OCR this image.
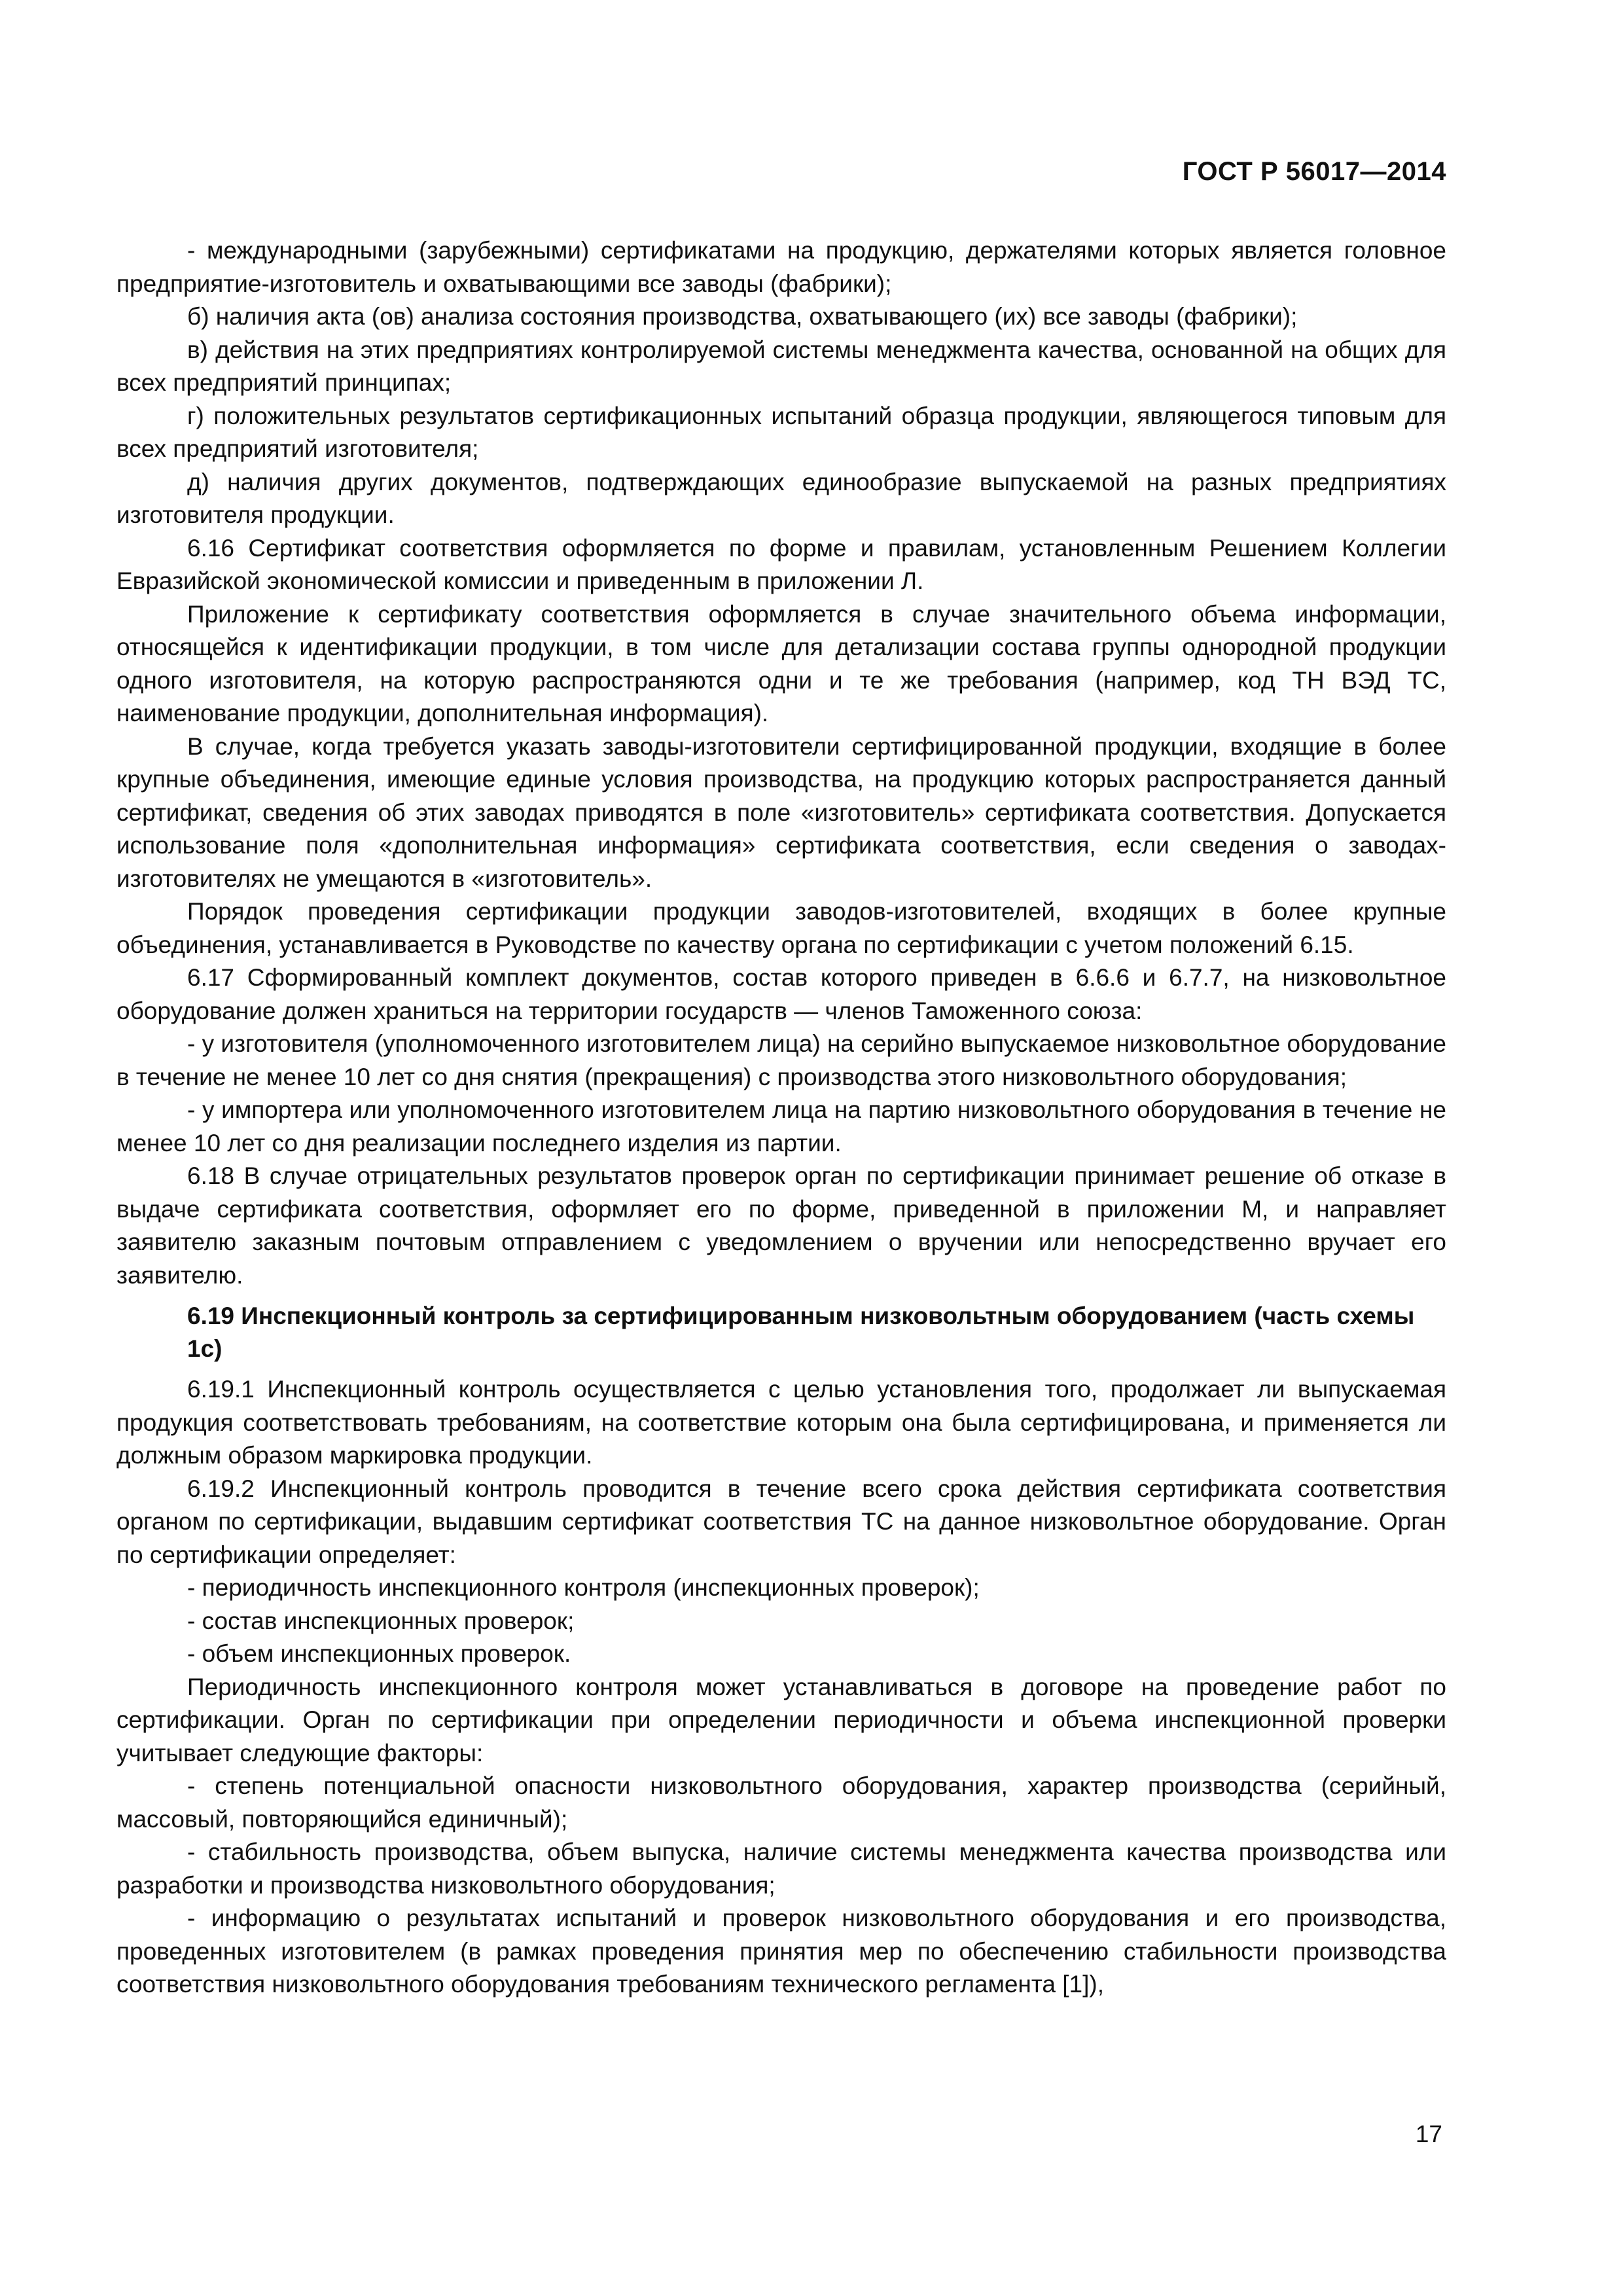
ГОСТ Р 56017—2014

- международными (зарубежными) сертификатами на продукцию, держателями которых является головное предприятие-изготовитель и охватывающими все заводы (фабрики);

б) наличия акта (ов) анализа состояния производства, охватывающего (их) все заводы (фабрики);

в) действия на этих предприятиях контролируемой системы менеджмента качества, основанной на общих для всех предприятий принципах;

г) положительных результатов сертификационных испытаний образца продукции, являющегося типовым для всех предприятий изготовителя;

д) наличия других документов, подтверждающих единообразие выпускаемой на разных предприятиях изготовителя продукции.

6.16 Сертификат соответствия оформляется по форме и правилам, установленным Решением Коллегии Евразийской экономической комиссии и приведенным в приложении Л.

Приложение к сертификату соответствия оформляется в случае значительного объема информации, относящейся к идентификации продукции, в том числе для детализации состава группы однородной продукции одного изготовителя, на которую распространяются одни и те же требования (например, код ТН ВЭД ТС, наименование продукции, дополнительная информация).

В случае, когда требуется указать заводы-изготовители сертифицированной продукции, входящие в более крупные объединения, имеющие единые условия производства, на продукцию которых распространяется данный сертификат, сведения об этих заводах приводятся в поле «изготовитель» сертификата соответствия. Допускается использование поля «дополнительная информация» сертификата соответствия, если сведения о заводах-изготовителях не умещаются в «изготовитель».

Порядок проведения сертификации продукции заводов-изготовителей, входящих в более крупные объединения, устанавливается в Руководстве по качеству органа по сертификации с учетом положений 6.15.

6.17 Сформированный комплект документов, состав которого приведен в 6.6.6 и 6.7.7, на низковольтное оборудование должен храниться на территории государств — членов Таможенного союза:

- у изготовителя (уполномоченного изготовителем лица) на серийно выпускаемое низковольтное оборудование в течение не менее 10 лет со дня снятия (прекращения) с производства этого низковольтного оборудования;

- у импортера или уполномоченного изготовителем лица на партию низковольтного оборудования в течение не менее 10 лет со дня реализации последнего изделия из партии.

6.18 В случае отрицательных результатов проверок орган по сертификации принимает решение об отказе в выдаче сертификата соответствия, оформляет его по форме, приведенной в приложении М, и направляет заявителю заказным почтовым отправлением с уведомлением о вручении или непосредственно вручает его заявителю.

6.19 Инспекционный контроль за сертифицированным низковольтным оборудованием (часть схемы 1с)

6.19.1 Инспекционный контроль осуществляется с целью установления того, продолжает ли выпускаемая продукция соответствовать требованиям, на соответствие которым она была сертифицирована, и применяется ли должным образом маркировка продукции.

6.19.2 Инспекционный контроль проводится в течение всего срока действия сертификата соответствия органом по сертификации, выдавшим сертификат соответствия ТС на данное низковольтное оборудование. Орган по сертификации определяет:

- периодичность инспекционного контроля (инспекционных проверок);

- состав инспекционных проверок;

- объем инспекционных проверок.

Периодичность инспекционного контроля может устанавливаться в договоре на проведение работ по сертификации. Орган по сертификации при определении периодичности и объема инспекционной проверки учитывает следующие факторы:

- степень потенциальной опасности низковольтного оборудования, характер производства (серийный, массовый, повторяющийся единичный);

- стабильность производства, объем выпуска, наличие системы менеджмента качества производства или разработки и производства низковольтного оборудования;

- информацию о результатах испытаний и проверок низковольтного оборудования и его производства, проведенных изготовителем (в рамках проведения принятия мер по обеспечению стабильности производства соответствия низковольтного оборудования требованиям технического регламента [1]),

17
